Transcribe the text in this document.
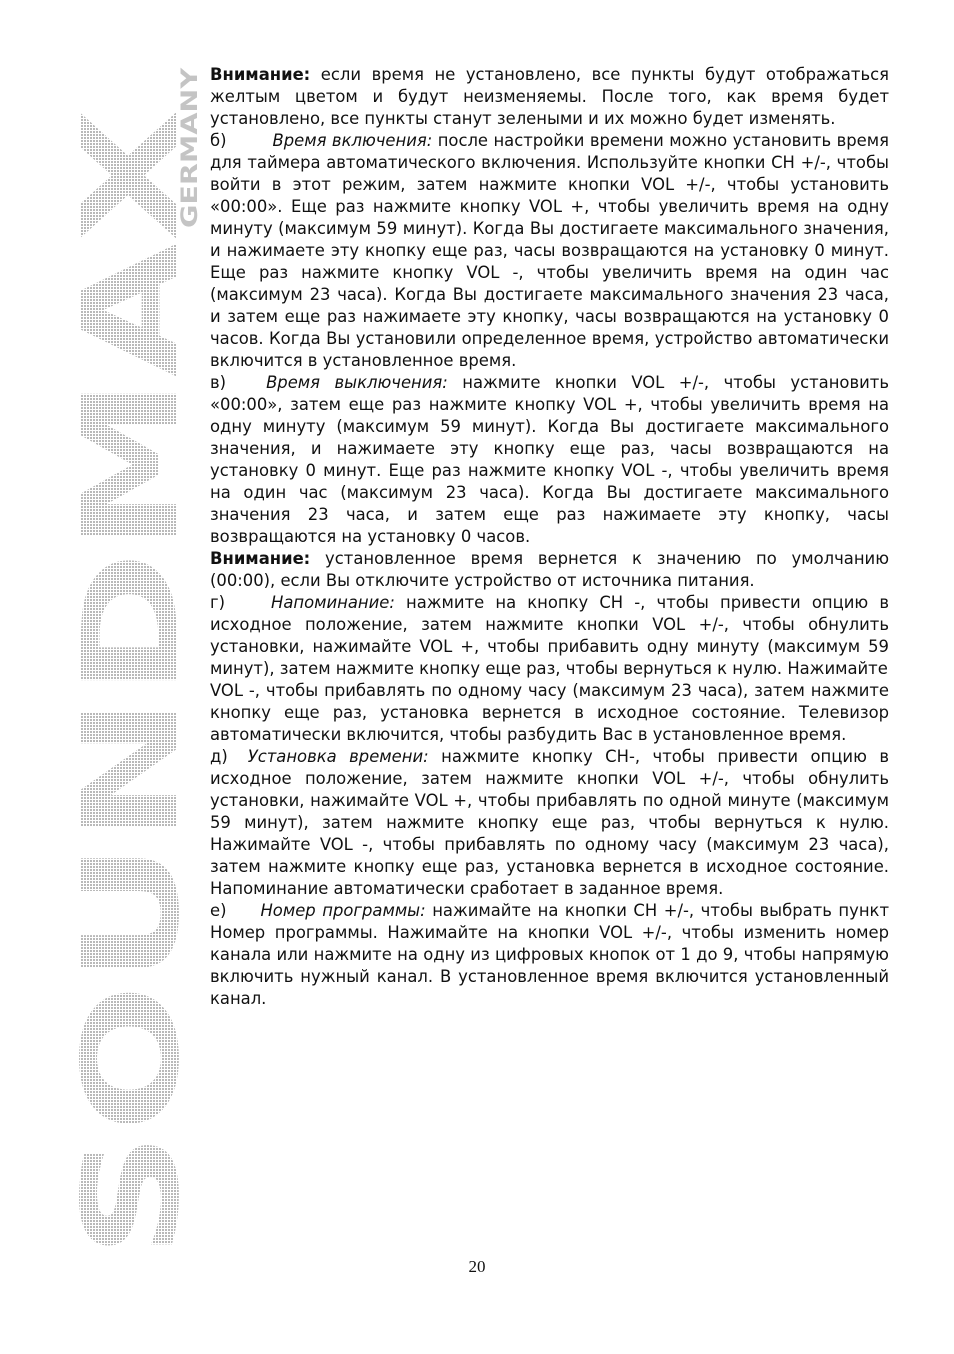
SOUNDMAX
GERMANY

Внимание: если время не установлено, все пункты будут отображаться желтым цветом и будут неизменяемы. После того, как время будет установлено, все пункты станут зелеными и их можно будет изменять.

б)	Время включения: после настройки времени можно установить время для таймера автоматического включения. Используйте кнопки CH +/-, чтобы войти в этот режим, затем нажмите кнопки VOL +/-, чтобы установить «00:00». Еще раз нажмите кнопку VOL +, чтобы увеличить время на одну минуту (максимум 59 минут). Когда Вы достигаете максимального значения, и нажимаете эту кнопку еще раз, часы возвращаются на установку 0 минут. Еще раз нажмите кнопку VOL -, чтобы увеличить время на один час (максимум 23 часа). Когда Вы достигаете максимального значения 23 часа, и затем еще раз нажимаете эту кнопку, часы возвращаются на установку 0 часов. Когда Вы установили определенное время, устройство автоматически включится в установленное время.

в) Время выключения: нажмите кнопки VOL +/-, чтобы установить «00:00», затем еще раз нажмите кнопку VOL +, чтобы увеличить время на одну минуту (максимум 59 минут). Когда Вы достигаете максимального значения, и нажимаете эту кнопку еще раз, часы возвращаются на установку 0 минут. Еще раз нажмите кнопку VOL -, чтобы увеличить время на один час (максимум 23 часа). Когда Вы достигаете максимального значения 23 часа, и затем еще раз нажимаете эту кнопку, часы возвращаются на установку 0 часов.

Внимание: установленное время вернется к значению по умолчанию (00:00), если Вы отключите устройство от источника питания.

г)	Напоминание: нажмите на кнопку CH -, чтобы привести опцию в исходное положение, затем нажмите кнопки VOL +/-, чтобы обнулить установки, нажимайте VOL +, чтобы прибавить одну минуту (максимум 59 минут), затем нажмите кнопку еще раз, чтобы вернуться к нулю. Нажимайте

VOL -, чтобы прибавлять по одному часу (максимум 23 часа), затем нажмите кнопку еще раз, установка вернется в исходное состояние. Телевизор автоматически включится, чтобы разбудить Вас в установленное время.

д) Установка времени: нажмите кнопку CH-, чтобы привести опцию в исходное положение, затем нажмите кнопки VOL +/-, чтобы обнулить установки, нажимайте VOL +, чтобы прибавлять по одной минуте (максимум 59 минут), затем нажмите кнопку еще раз, чтобы вернуться к нулю. Нажимайте VOL -, чтобы прибавлять по одному часу (максимум 23 часа), затем нажмите кнопку еще раз, установка вернется в исходное состояние. Напоминание автоматически сработает в заданное время.

е) Номер программы: нажимайте на кнопки CH +/-, чтобы выбрать пункт Номер программы. Нажимайте на кнопки VOL +/-, чтобы изменить номер канала или нажмите на одну из цифровых кнопок от 1 до 9, чтобы напрямую включить нужный канал. В установленное время включится установленный канал.

20
